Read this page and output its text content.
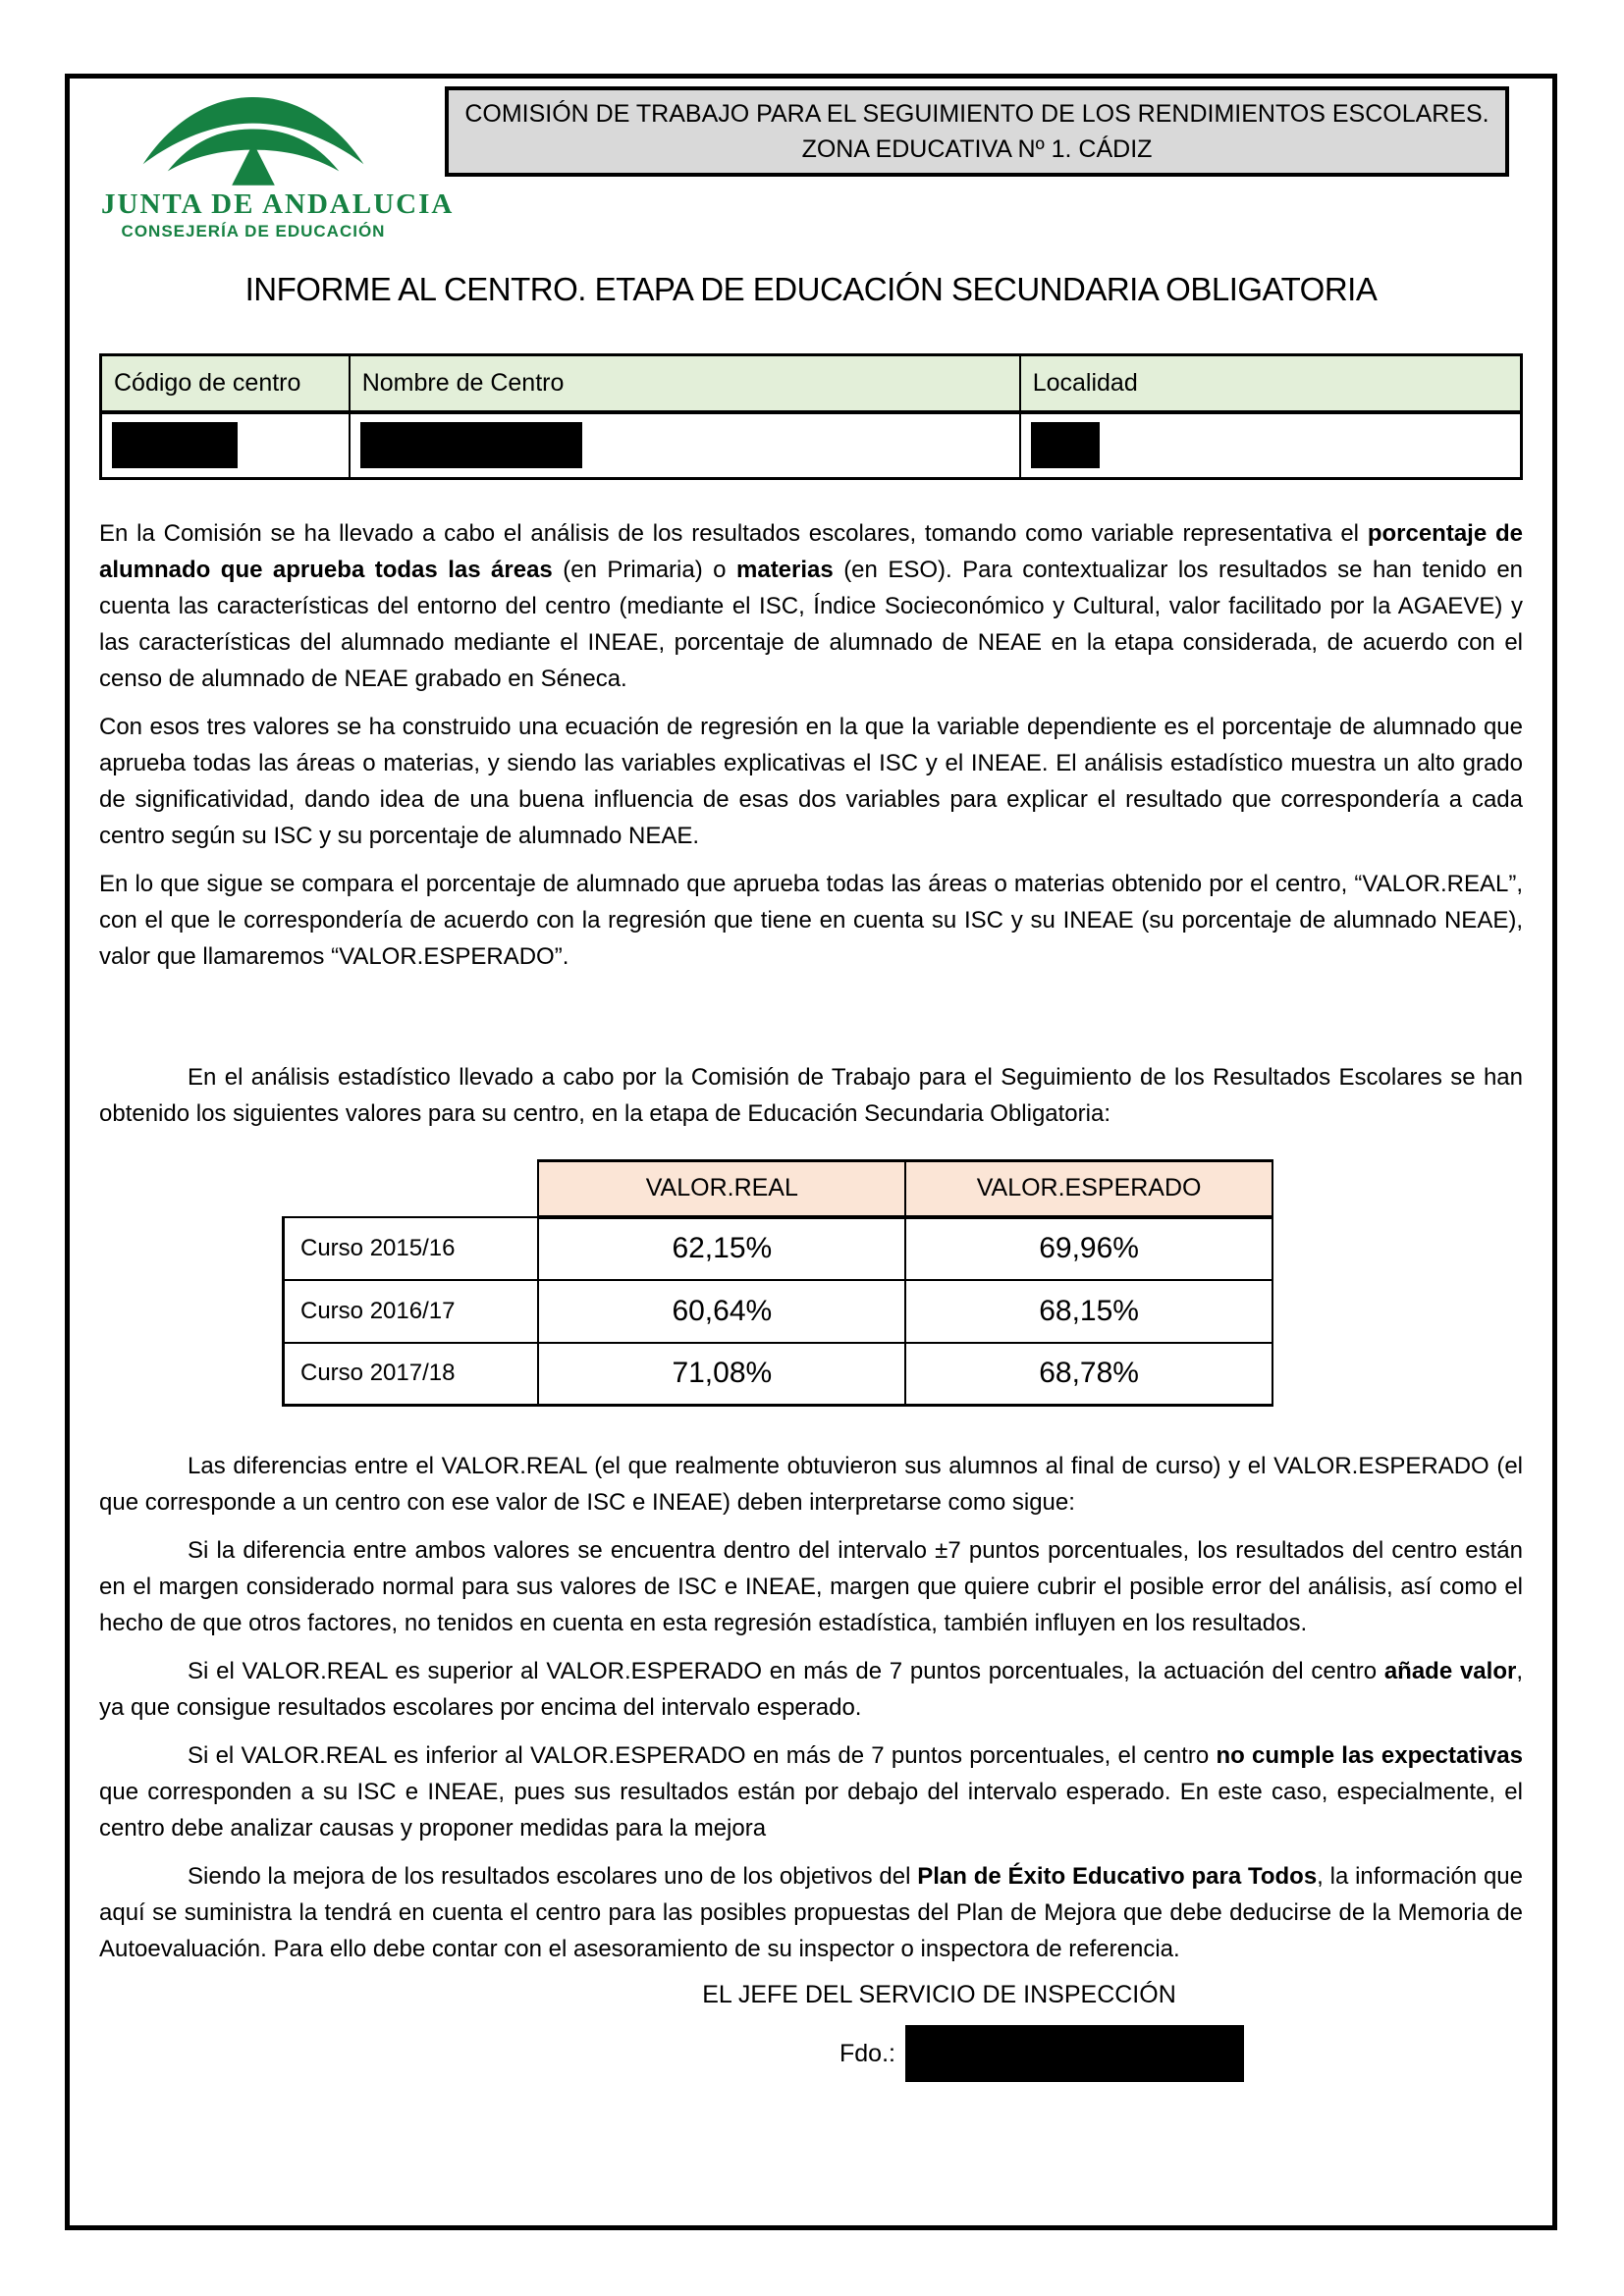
JUNTA DE ANDALUCIA
CONSEJERÍA DE EDUCACIÓN
COMISIÓN DE TRABAJO PARA EL SEGUIMIENTO DE LOS RENDIMIENTOS ESCOLARES.
ZONA EDUCATIVA Nº 1. CÁDIZ
INFORME AL CENTRO. ETAPA DE EDUCACIÓN SECUNDARIA OBLIGATORIA
Código de centro	Nombre de Centro	Localidad

En la Comisión se ha llevado a cabo el análisis de los resultados escolares, tomando como variable representativa el porcentaje de alumnado que aprueba todas las áreas (en Primaria) o materias (en ESO). Para contextualizar los resultados se han tenido en cuenta las características del entorno del centro (mediante el ISC, Índice Socieconómico y Cultural, valor facilitado por la AGAEVE) y las características del alumnado mediante el INEAE, porcentaje de alumnado de NEAE en la etapa considerada, de acuerdo con el censo de alumnado de NEAE grabado en Séneca.

Con esos tres valores se ha construido una ecuación de regresión en la que la variable dependiente es el porcentaje de alumnado que aprueba todas las áreas o materias, y siendo las variables explicativas el ISC y el INEAE. El análisis estadístico muestra un alto grado de significatividad, dando idea de una buena influencia de esas dos variables para explicar el resultado que correspondería a cada centro según su ISC y su porcentaje de alumnado NEAE.

En lo que sigue se compara el porcentaje de alumnado que aprueba todas las áreas o materias obtenido por el centro, “VALOR.REAL”, con el que le correspondería de acuerdo con la regresión que tiene en cuenta su ISC y su INEAE (su porcentaje de alumnado NEAE), valor que llamaremos “VALOR.ESPERADO”.

En el análisis estadístico llevado a cabo por la Comisión de Trabajo para el Seguimiento de los Resultados Escolares se han obtenido los siguientes valores para su centro, en la etapa de Educación Secundaria Obligatoria:

	VALOR.REAL	VALOR.ESPERADO
Curso 2015/16	62,15%	69,96%
Curso 2016/17	60,64%	68,15%
Curso 2017/18	71,08%	68,78%

Las diferencias entre el VALOR.REAL (el que realmente obtuvieron sus alumnos al final de curso) y el VALOR.ESPERADO (el que corresponde a un centro con ese valor de ISC e INEAE) deben interpretarse como sigue:

Si la diferencia entre ambos valores se encuentra dentro del intervalo ±7 puntos porcentuales, los resultados del centro están en el margen considerado normal para sus valores de ISC e INEAE, margen que quiere cubrir el posible error del análisis, así como el hecho de que otros factores, no tenidos en cuenta en esta regresión estadística, también influyen en los resultados.

Si el VALOR.REAL es superior al VALOR.ESPERADO en más de 7 puntos porcentuales, la actuación del centro añade valor, ya que consigue resultados escolares por encima del intervalo esperado.

Si el VALOR.REAL es inferior al VALOR.ESPERADO en más de 7 puntos porcentuales, el centro no cumple las expectativas que corresponden a su ISC e INEAE, pues sus resultados están por debajo del intervalo esperado. En este caso, especialmente, el centro debe analizar causas y proponer medidas para la mejora

Siendo la mejora de los resultados escolares uno de los objetivos del Plan de Éxito Educativo para Todos, la información que aquí se suministra la tendrá en cuenta el centro para las posibles propuestas del Plan de Mejora que debe deducirse de la Memoria de Autoevaluación. Para ello debe contar con el asesoramiento de su inspector o inspectora de referencia.

EL JEFE DEL SERVICIO DE INSPECCIÓN
Fdo.:
